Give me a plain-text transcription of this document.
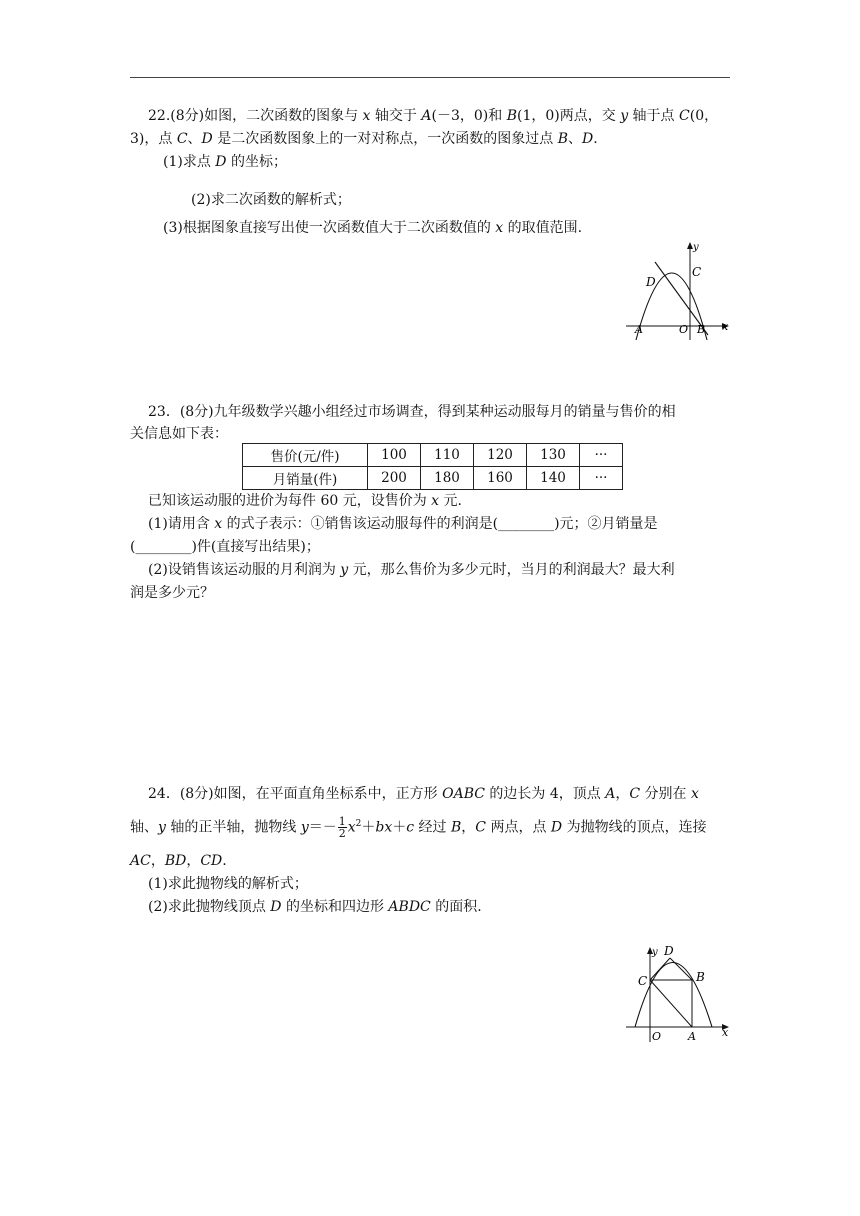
22.(8分)如图，二次函数的图象与 x 轴交于 A(－3，0)和 B(1，0)两点，交 y 轴于点 C(0，
3)，点 C、D 是二次函数图象上的一对对称点，一次函数的图象过点 B、D.
(1)求点 D 的坐标；
(2)求二次函数的解析式；
(3)根据图象直接写出使一次函数值大于二次函数值的 x 的取值范围.
y
D
C
A	O B x
23．(8分)九年级数学兴趣小组经过市场调查，得到某种运动服每月的销量与售价的相
关信息如下表：
售价(元/件)	100	110	120	130	···
月销量(件)	200	180	160	140	···
已知该运动服的进价为每件 60 元，设售价为 x 元.
(1)请用含 x 的式子表示：①销售该运动服每件的利润是(________)元；②月销量是
(________)件(直接写出结果)；
(2)设销售该运动服的月利润为 y 元，那么售价为多少元时，当月的利润最大？最大利
润是多少元？
24．(8分)如图，在平面直角坐标系中，正方形 OABC 的边长为 4，顶点 A，C 分别在 x
轴、y 轴的正半轴，抛物线 $y=- \frac{1}{2} x^2+bx+c$ 经过 B，C 两点，点 D 为抛物线的顶点，连接
AC，BD，CD.
(1)求此抛物线的解析式；
(2)求此抛物线顶点 D 的坐标和四边形 ABDC 的面积.
y D
C	B
O A x
